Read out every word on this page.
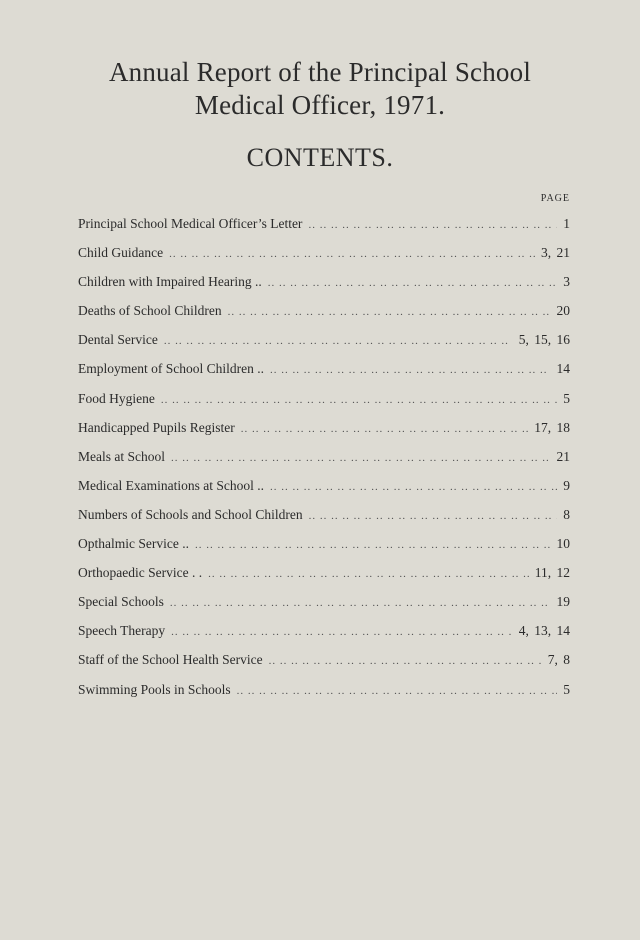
Annual Report of the Principal School
Medical Officer, 1971.
CONTENTS.
PAGE
Principal School Medical Officer’s Letter .. ..	1
Child Guidance .. ..	3, 21
Children with Impaired Hearing .. .. ..	3
Deaths of School Children .. ..	20
Dental Service .. ..	5, 15, 16
Employment of School Children .. .. ..	14
Food Hygiene .. ..	5
Handicapped Pupils Register .. ..	17, 18
Meals at School .. ..	21
Medical Examinations at School .. .. ..	9
Numbers of Schools and School Children .. ..	8
Opthalmic Service .. .. ..	10
Orthopaedic Service . . .. ..	11, 12
Special Schools .. ..	19
Speech Therapy .. ..	4, 13, 14
Staff of the School Health Service .. ..	7, 8
Swimming Pools in Schools .. ..	5
